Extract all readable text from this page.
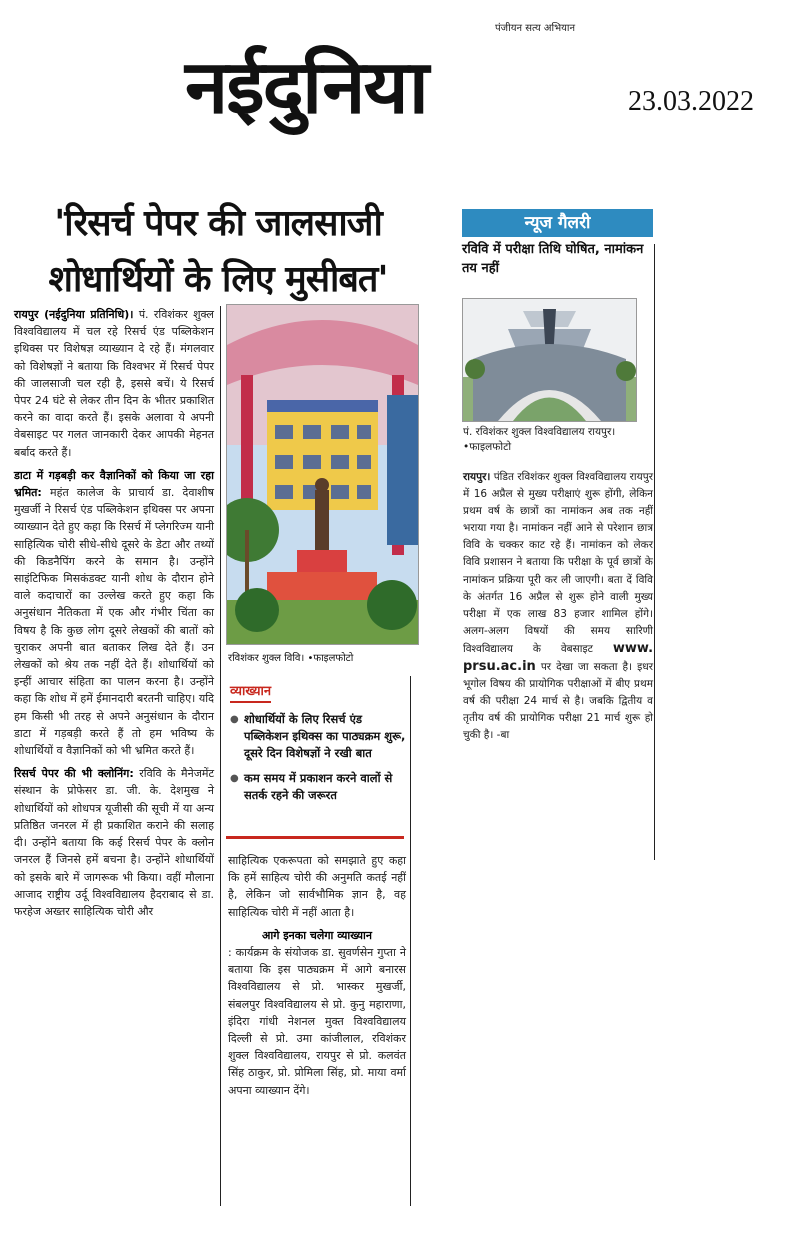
पंजीयन सत्य अभियान
नईदुनिया	23.03.2022
'रिसर्च पेपर की जालसाजी शोधार्थियों के लिए मुसीबत'
रायपुर (नईदुनिया प्रतिनिधि)। पं. रविशंकर शुक्ल विश्वविद्यालय में चल रहे रिसर्च एंड पब्लिकेशन इथिक्स पर विशेषज्ञ व्याख्यान दे रहे हैं। मंगलवार को विशेषज्ञों ने बताया कि विश्वभर में रिसर्च पेपर की जालसाजी चल रही है, इससे बचें। ये रिसर्च पेपर 24 घंटे से लेकर तीन दिन के भीतर प्रकाशित करने का वादा करते हैं। इसके अलावा ये अपनी वेबसाइट पर गलत जानकारी देकर आपकी मेहनत बर्बाद करते हैं।
डाटा में गड़बड़ी कर वैज्ञानिकों को किया जा रहा भ्रमित: महंत कालेज के प्राचार्य डा. देवाशीष मुखर्जी ने रिसर्च एंड पब्लिकेशन इथिक्स पर अपना व्याख्यान देते हुए कहा कि रिसर्च में प्लेगरिज्म यानी साहित्यिक चोरी सीधे-सीधे दूसरे के डेटा और तथ्यों की किडनैपिंग करने के समान है। उन्होंने साइंटिफिक मिसकंडक्ट यानी शोध के दौरान होने वाले कदाचारों का उल्लेख करते हुए कहा कि अनुसंधान नैतिकता में एक और गंभीर चिंता का विषय है कि कुछ लोग दूसरे लेखकों की बातों को चुराकर अपनी बात बताकर लिख देते हैं। उन लेखकों को श्रेय तक नहीं देते हैं। शोधार्थियों को इन्हीं आचार संहिता का पालन करना है। उन्होंने कहा कि शोध में हमें ईमानदारी बरतनी चाहिए। यदि हम किसी भी तरह से अपने अनुसंधान के दौरान डाटा में गड़बड़ी करते हैं तो हम भविष्य के शोधार्थियों व वैज्ञानिकों को भी भ्रमित करते हैं।
रिसर्च पेपर की भी क्लोनिंग: रविवि के मैनेजमेंट संस्थान के प्रोफेसर डा. जी. के. देशमुख ने शोधार्थियों को शोधपत्र यूजीसी की सूची में या अन्य प्रतिष्ठित जनरल में ही प्रकाशित कराने की सलाह दी। उन्होंने बताया कि कई रिसर्च पेपर के क्लोन जनरल हैं जिनसे हमें बचना है। उन्होंने शोधार्थियों को इसके बारे में जागरूक भी किया। वहीं मौलाना आजाद राष्ट्रीय उर्दू विश्वविद्यालय हैदराबाद से डा. फरहेज अख्तर साहित्यिक चोरी और
रविशंकर शुक्ल विवि। •फाइलफोटो
व्याख्यान
● शोधार्थियों के लिए रिसर्च एंड पब्लिकेशन इथिक्स का पाठ्यक्रम शुरू, दूसरे दिन विशेषज्ञों ने रखी बात
● कम समय में प्रकाशन करने वालों से सतर्क रहने की जरूरत
साहित्यिक एकरूपता को समझाते हुए कहा कि हमें साहित्य चोरी की अनुमति कतई नहीं है, लेकिन जो सार्वभौमिक ज्ञान है, वह साहित्यिक चोरी में नहीं आता है।
आगे इनका चलेगा व्याख्यान
: कार्यक्रम के संयोजक डा. सुवर्णसेन गुप्ता ने बताया कि इस पाठ्यक्रम में आगे बनारस विश्वविद्यालय से प्रो. भास्कर मुखर्जी, संबलपुर विश्वविद्यालय से प्रो. कुनु महाराणा, इंदिरा गांधी नेशनल मुक्त विश्वविद्यालय दिल्ली से प्रो. उमा कांजीलाल, रविशंकर शुक्ल विश्वविद्यालय, रायपुर से प्रो. कलवंत सिंह ठाकुर, प्रो. प्रोमिला सिंह, प्रो. माया वर्मा अपना व्याख्यान देंगे।
न्यूज गैलरी
रविवि में परीक्षा तिथि घोषित, नामांकन तय नहीं
पं. रविशंकर शुक्ल विश्वविद्यालय रायपुर। •फाइलफोटो
रायपुर। पंडित रविशंकर शुक्ल विश्वविद्यालय रायपुर में 16 अप्रैल से मुख्य परीक्षाएं शुरू होंगी, लेकिन प्रथम वर्ष के छात्रों का नामांकन अब तक नहीं भराया गया है। नामांकन नहीं आने से परेशान छात्र विवि के चक्कर काट रहे हैं। नामांकन को लेकर विवि प्रशासन ने बताया कि परीक्षा के पूर्व छात्रों के नामांकन प्रक्रिया पूरी कर ली जाएगी। बता दें विवि के अंतर्गत 16 अप्रैल से शुरू होने वाली मुख्य परीक्षा में एक लाख 83 हजार शामिल होंगे। अलग-अलग विषयों की समय सारिणी विश्वविद्यालय के वेबसाइट www. prsu.ac.in पर देखा जा सकता है। इधर भूगोल विषय की प्रायोगिक परीक्षाओं में बीए प्रथम वर्ष की परीक्षा 24 मार्च से है। जबकि द्वितीय व तृतीय वर्ष की प्रायोगिक परीक्षा 21 मार्च शुरू हो चुकी है। -बा
